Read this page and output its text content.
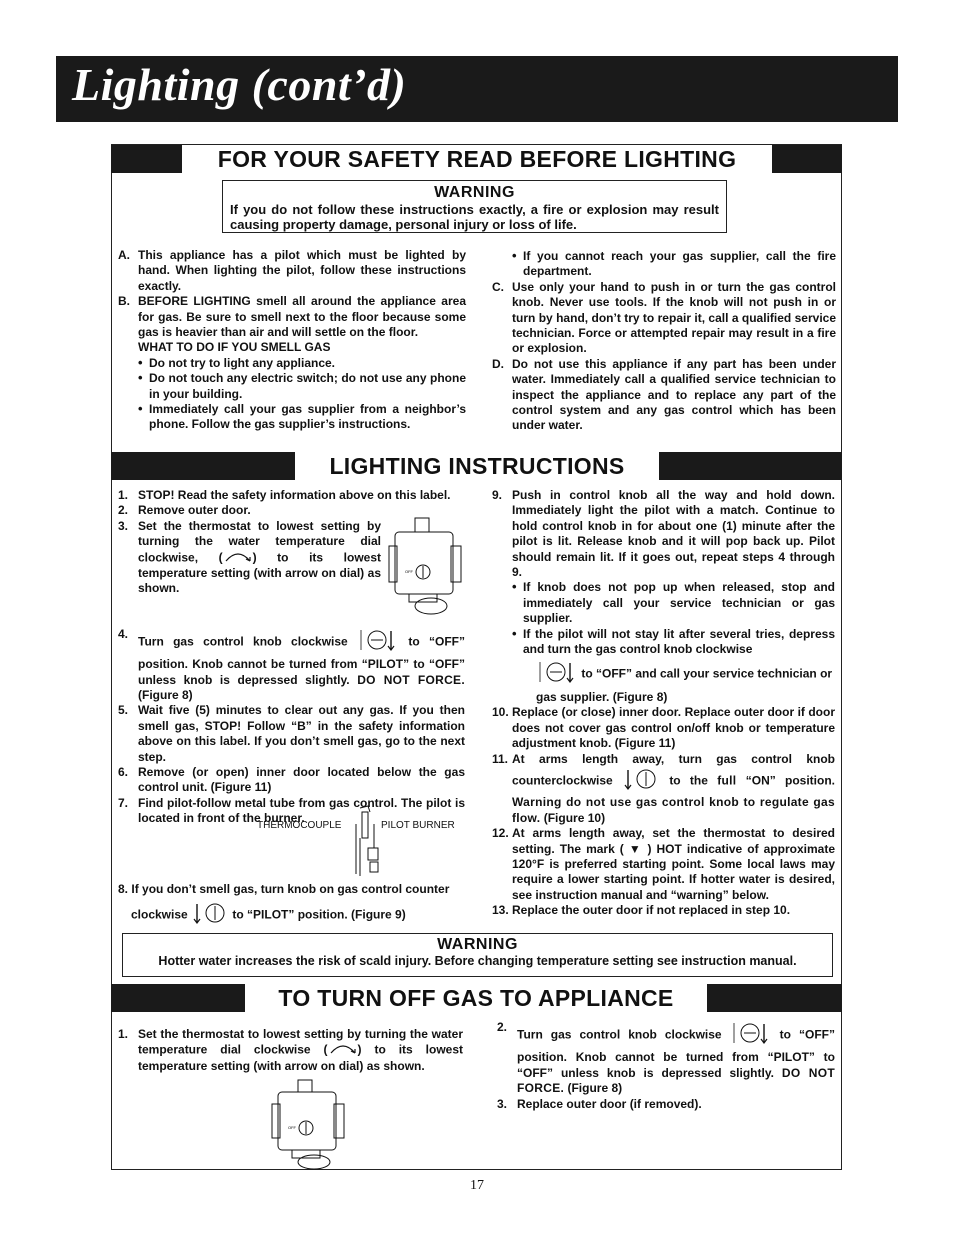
Lighting (cont’d)
FOR YOUR SAFETY READ BEFORE LIGHTING
WARNING
If you do not follow these instructions exactly, a fire or explosion may result causing property damage, personal injury or loss of life.

A. This appliance has a pilot which must be lighted by hand. When lighting the pilot, follow these instructions exactly.

B. BEFORE LIGHTING smell all around the appliance area for gas. Be sure to smell next to the floor because some gas is heavier than air and will settle on the floor.

WHAT TO DO IF YOU SMELL GAS

• Do not try to light any appliance.

• Do not touch any electric switch; do not use any phone in your building.

• Immediately call your gas supplier from a neighbor’s phone. Follow the gas supplier’s instructions.

• If you cannot reach your gas supplier, call the fire department.

C. Use only your hand to push in or turn the gas control knob. Never use tools. If the knob will not push in or turn by hand, don’t try to repair it, call a qualified service technician. Force or attempted repair may result in a fire or explosion.

D. Do not use this appliance if any part has been under water. Immediately call a qualified service technician to inspect the appliance and to replace any part of the control system and any gas control which has been under water.

LIGHTING INSTRUCTIONS

1. STOP! Read the safety information above on this label.

2. Remove outer door.

3. Set the thermostat to lowest setting by turning the water temperature dial clockwise, (	) to its lowest temperature setting (with arrow on dial) as shown.

4.
Turn gas control knob clockwise	to “OFF” position. Knob cannot be turned from “PILOT” to “OFF” unless knob is depressed slightly. DO NOT FORCE. (Figure 8)

5. Wait five (5) minutes to clear out any gas. If you then smell gas, STOP! Follow “B” in the safety information above on this label. If you don’t smell gas, go to the next step.

6. Remove (or open) inner door located below the gas control unit. (Figure 11)

7. Find pilot-follow metal tube from gas control. The pilot is located in front of the burner.

8. If you don’t smell gas, turn knob on gas control counter

clockwise	to “PILOT” position. (Figure 9)

OFF
THERMOCOUPLE	PILOT BURNER

9. Push in control knob all the way and hold down. Immediately light the pilot with a match. Continue to hold control knob in for about one (1) minute after the pilot is lit. Release knob and it will pop back up. Pilot should remain lit. If it goes out, repeat steps 4 through 9.

• If knob does not pop up when released, stop and immediately call your service technician or gas supplier.

• If the pilot will not stay lit after several tries, depress and turn the gas control knob clockwise

to “OFF” and call your service technician or gas supplier. (Figure 8)

10. Replace (or close) inner door. Replace outer door if door does not cover gas control on/off knob or temperature adjustment knob. (Figure 11)

11. At arms length away, turn gas control knob counterclockwise	to the full “ON” position. Warning do not use gas control knob to regulate gas flow. (Figure 10)

12. At arms length away, set the thermostat to desired setting. The mark ( ▼ ) HOT indicative of approximate 120°F is preferred starting point. Some local laws may require a lower starting point. If hotter water is desired, see instruction manual and “warning” below.

13. Replace the outer door if not replaced in step 10.

WARNING
Hotter water increases the risk of scald injury. Before changing temperature setting see instruction manual.
TO TURN OFF GAS TO APPLIANCE

1. Set the thermostat to lowest setting by turning the water temperature dial clockwise (	) to its lowest temperature setting (with arrow on dial) as shown.

OFF

2.
Turn gas control knob clockwise	to “OFF” position. Knob cannot be turned from “PILOT” to “OFF” unless knob is depressed slightly. DO NOT FORCE. (Figure 8)

3. Replace outer door (if removed).

17
